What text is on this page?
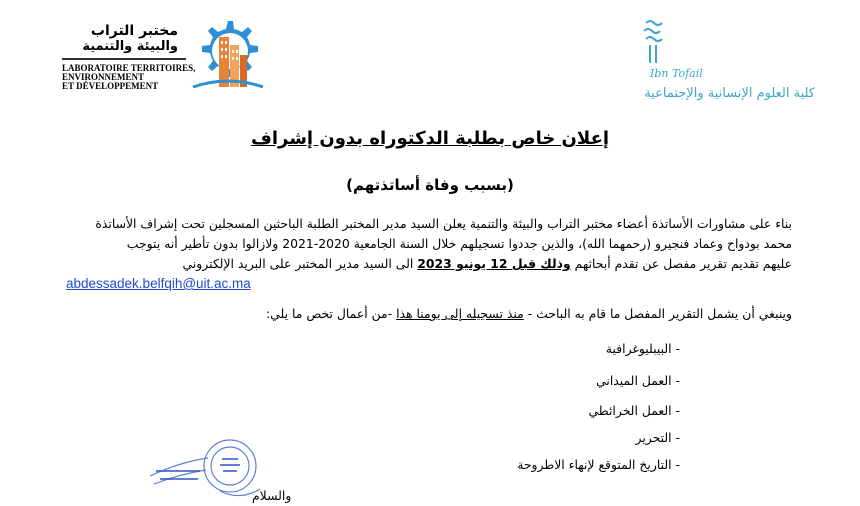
مختبر التراب
والبيئة والتنمية
LABORATOIRE TERRITOIRES,
ENVIRONNEMENT
ET DÉVELOPPEMENT
Ibn Tofail
كلية العلوم الإنسانية والإجتماعية
إعلان خاص بطلبة الدكتوراه بدون إشراف
(بسبب وفاة أساتذتهم)
بناء على مشاورات الأساتذة أعضاء مختبر التراب والبيئة والتنمية يعلن السيد مدير المختبر الطلبة الباحثين المسجلين تحت إشراف الأساتذة
محمد بودواح وعماد فنجيرو (رحمهما الله)، والذين جددوا تسجيلهم خلال السنة الجامعية 2020-2021 ولازالوا بدون تأطير أنه يتوجب
عليهم تقديم تقرير مفصل عن تقدم أبحاثهم وذلك قبل 12 يونيو 2023 الى السيد مدير المختبر على البريد الإلكتروني
abdessadek.belfqih@uit.ac.ma
وينبغي أن يشمل التقرير المفصل ما قام به الباحث - منذ تسجيله إلى يومنا هذا -من أعمال تخص ما يلي:
- البيبليوغرافية
- العمل الميداني
- العمل الخرائطي
- التحرير
- التاريخ المتوقع لإنهاء الاطروحة
والسلام
